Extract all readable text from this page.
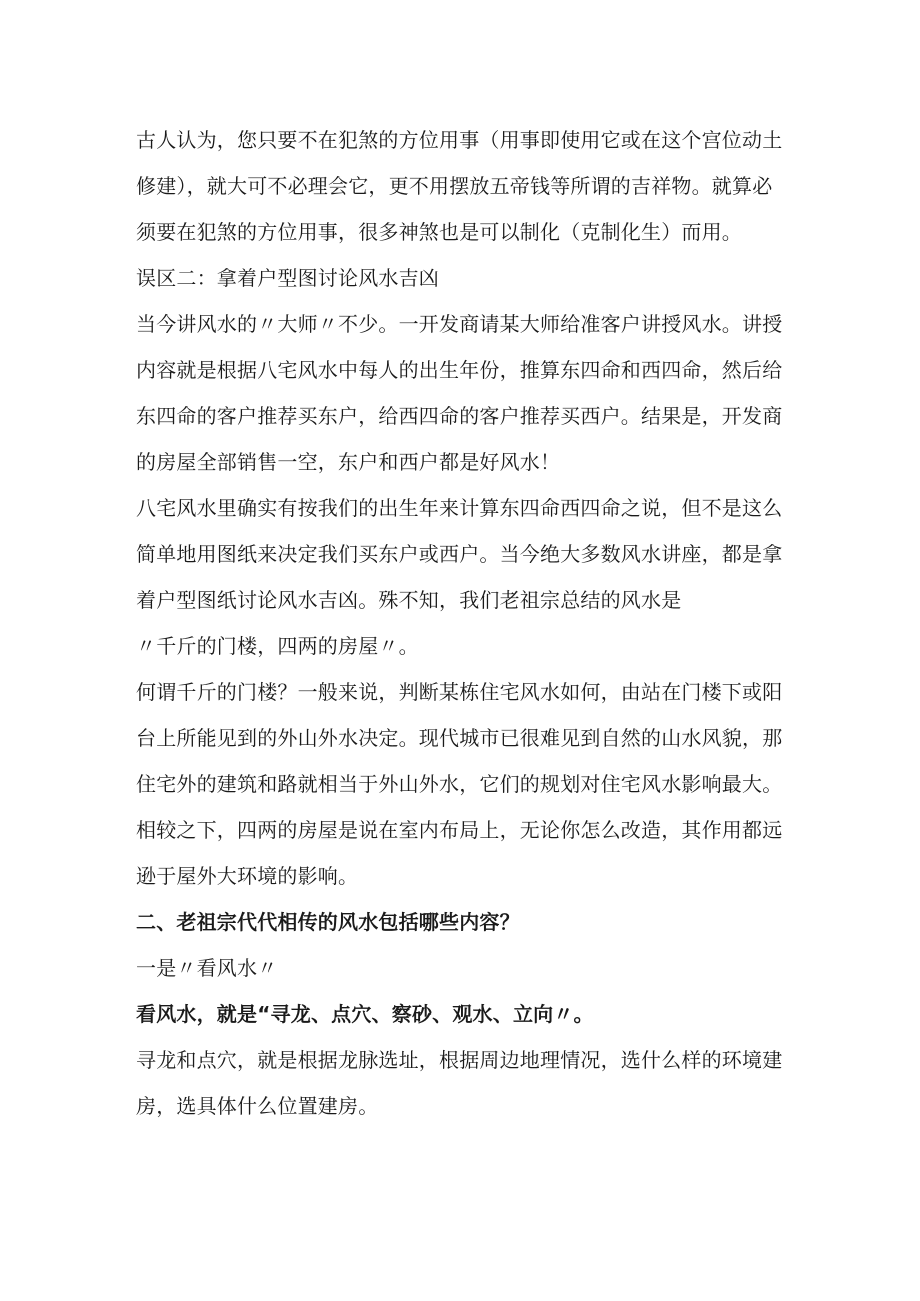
古人认为，您只要不在犯煞的方位用事（用事即使用它或在这个宫位动土
修建），就大可不必理会它，更不用摆放五帝钱等所谓的吉祥物。就算必
须要在犯煞的方位用事，很多神煞也是可以制化（克制化生）而用。
误区二：拿着户型图讨论风水吉凶
当今讲风水的〃大师〃不少。一开发商请某大师给准客户讲授风水。讲授
内容就是根据八宅风水中每人的出生年份，推算东四命和西四命，然后给
东四命的客户推荐买东户，给西四命的客户推荐买西户。结果是，开发商
的房屋全部销售一空，东户和西户都是好风水！
八宅风水里确实有按我们的出生年来计算东四命西四命之说，但不是这么
简单地用图纸来决定我们买东户或西户。当今绝大多数风水讲座，都是拿
着户型图纸讨论风水吉凶。殊不知，我们老祖宗总结的风水是
〃千斤的门楼，四两的房屋〃。
何谓千斤的门楼？一般来说，判断某栋住宅风水如何，由站在门楼下或阳
台上所能见到的外山外水决定。现代城市已很难见到自然的山水风貌，那
住宅外的建筑和路就相当于外山外水，它们的规划对住宅风水影响最大。
相较之下，四两的房屋是说在室内布局上，无论你怎么改造，其作用都远
逊于屋外大环境的影响。
二、老祖宗代代相传的风水包括哪些内容？
一是〃看风水〃
看风水，就是“寻龙、点穴、察砂、观水、立向〃。
寻龙和点穴，就是根据龙脉选址，根据周边地理情况，选什么样的环境建
房，选具体什么位置建房。
